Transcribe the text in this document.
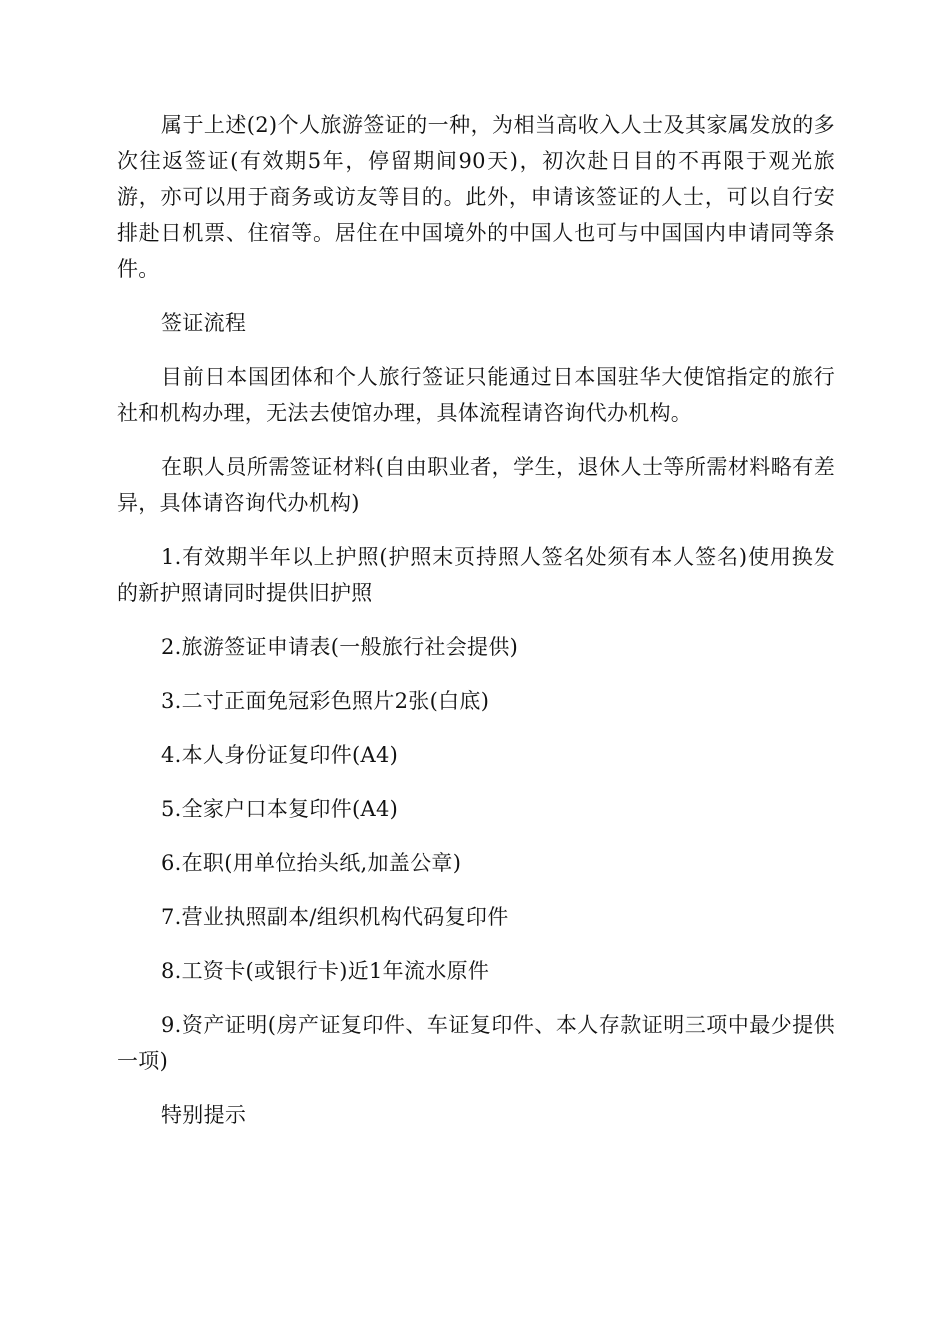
属于上述(2)个人旅游签证的一种，为相当高收入人士及其家属发放的多次往返签证(有效期5年，停留期间90天)，初次赴日目的不再限于观光旅游，亦可以用于商务或访友等目的。此外，申请该签证的人士，可以自行安排赴日机票、住宿等。居住在中国境外的中国人也可与中国国内申请同等条件。

签证流程

目前日本国团体和个人旅行签证只能通过日本国驻华大使馆指定的旅行社和机构办理，无法去使馆办理，具体流程请咨询代办机构。

在职人员所需签证材料(自由职业者，学生，退休人士等所需材料略有差异，具体请咨询代办机构)

1.有效期半年以上护照(护照末页持照人签名处须有本人签名)使用换发的新护照请同时提供旧护照

2.旅游签证申请表(一般旅行社会提供)

3.二寸正面免冠彩色照片2张(白底)

4.本人身份证复印件(A4)

5.全家户口本复印件(A4)

6.在职(用单位抬头纸,加盖公章)

7.营业执照副本/组织机构代码复印件

8.工资卡(或银行卡)近1年流水原件

9.资产证明(房产证复印件、车证复印件、本人存款证明三项中最少提供一项)

特别提示
